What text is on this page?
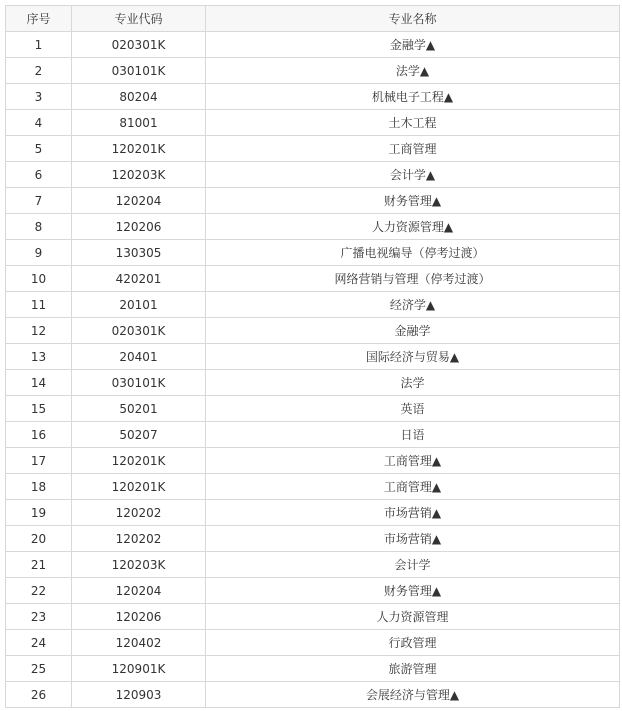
序号	专业代码	专业名称
1	020301K	金融学▲
2	030101K	法学▲
3	80204	机械电子工程▲
4	81001	土木工程
5	120201K	工商管理
6	120203K	会计学▲
7	120204	财务管理▲
8	120206	人力资源管理▲
9	130305	广播电视编导（停考过渡）
10	420201	网络营销与管理（停考过渡）
11	20101	经济学▲
12	020301K	金融学
13	20401	国际经济与贸易▲
14	030101K	法学
15	50201	英语
16	50207	日语
17	120201K	工商管理▲
18	120201K	工商管理▲
19	120202	市场营销▲
20	120202	市场营销▲
21	120203K	会计学
22	120204	财务管理▲
23	120206	人力资源管理
24	120402	行政管理
25	120901K	旅游管理
26	120903	会展经济与管理▲
